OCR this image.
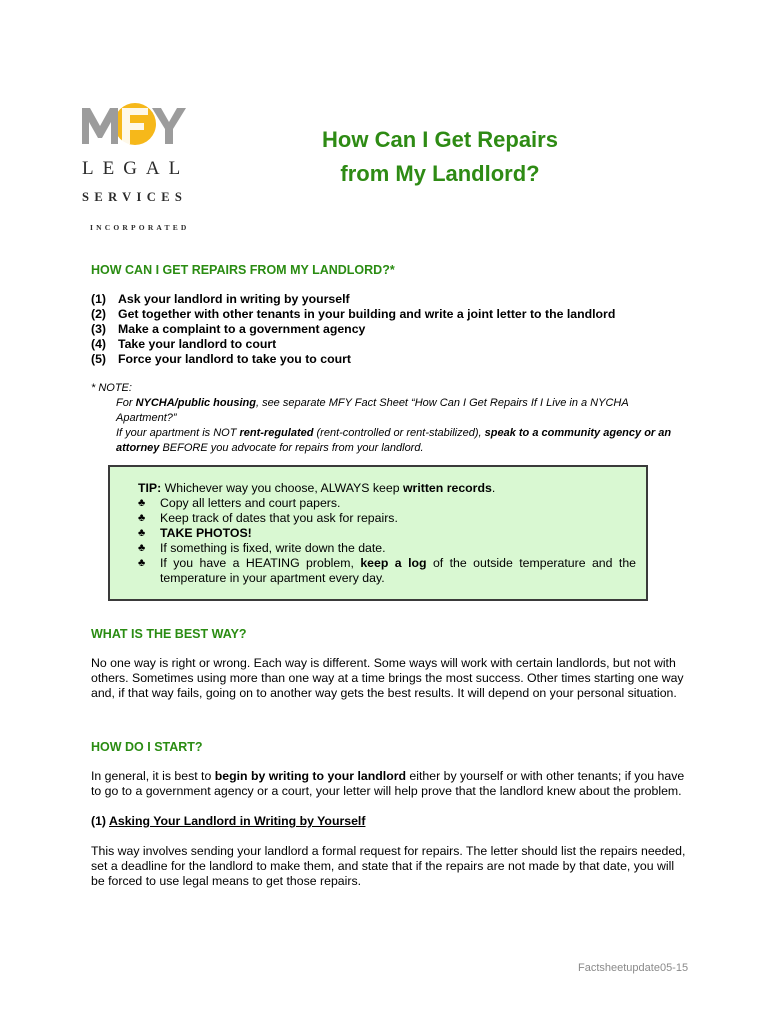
LEGAL
SERVICES
INCORPORATED
How Can I Get Repairs
from My Landlord?
HOW CAN I GET REPAIRS FROM MY LANDLORD?*
(1) Ask your landlord in writing by yourself
(2) Get together with other tenants in your building and write a joint letter to the landlord
(3) Make a complaint to a government agency
(4) Take your landlord to court
(5) Force your landlord to take you to court
* NOTE:
For NYCHA/public housing, see separate MFY Fact Sheet “How Can I Get Repairs If I Live in a NYCHA Apartment?”
If your apartment is NOT rent-regulated (rent-controlled or rent-stabilized), speak to a community agency or an attorney BEFORE you advocate for repairs from your landlord.
TIP: Whichever way you choose, ALWAYS keep written records.
♣ Copy all letters and court papers.
♣ Keep track of dates that you ask for repairs.
♣ TAKE PHOTOS!
♣ If something is fixed, write down the date.
♣ If you have a HEATING problem, keep a log of the outside temperature and the temperature in your apartment every day.
WHAT IS THE BEST WAY?
No one way is right or wrong. Each way is different. Some ways will work with certain landlords, but not with others. Sometimes using more than one way at a time brings the most success. Other times starting one way and, if that way fails, going on to another way gets the best results. It will depend on your personal situation.
HOW DO I START?
In general, it is best to begin by writing to your landlord either by yourself or with other tenants; if you have to go to a government agency or a court, your letter will help prove that the landlord knew about the problem.
(1) Asking Your Landlord in Writing by Yourself
This way involves sending your landlord a formal request for repairs. The letter should list the repairs needed, set a deadline for the landlord to make them, and state that if the repairs are not made by that date, you will be forced to use legal means to get those repairs.
Factsheetupdate05-15
